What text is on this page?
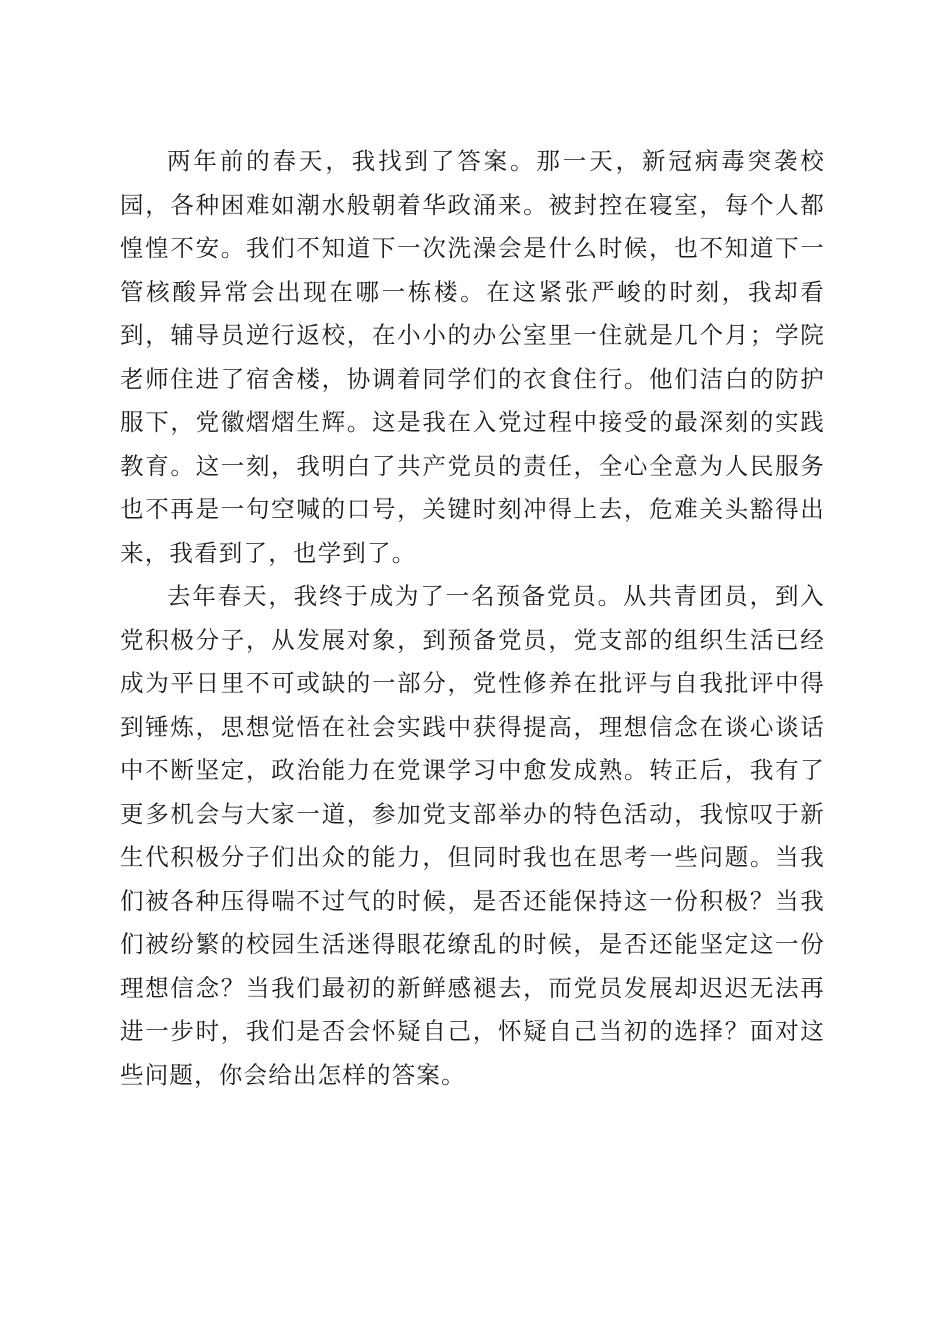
两年前的春天，我找到了答案。那一天，新冠病毒突袭校园，各种困难如潮水般朝着华政涌来。被封控在寝室，每个人都惶惶不安。我们不知道下一次洗澡会是什么时候，也不知道下一管核酸异常会出现在哪一栋楼。在这紧张严峻的时刻，我却看到，辅导员逆行返校，在小小的办公室里一住就是几个月；学院老师住进了宿舍楼，协调着同学们的衣食住行。他们洁白的防护服下，党徽熠熠生辉。这是我在入党过程中接受的最深刻的实践教育。这一刻，我明白了共产党员的责任，全心全意为人民服务也不再是一句空喊的口号，关键时刻冲得上去，危难关头豁得出来，我看到了，也学到了。

去年春天，我终于成为了一名预备党员。从共青团员，到入党积极分子，从发展对象，到预备党员，党支部的组织生活已经成为平日里不可或缺的一部分，党性修养在批评与自我批评中得到锤炼，思想觉悟在社会实践中获得提高，理想信念在谈心谈话中不断坚定，政治能力在党课学习中愈发成熟。转正后，我有了更多机会与大家一道，参加党支部举办的特色活动，我惊叹于新生代积极分子们出众的能力，但同时我也在思考一些问题。当我们被各种压得喘不过气的时候，是否还能保持这一份积极？当我们被纷繁的校园生活迷得眼花缭乱的时候，是否还能坚定这一份理想信念？当我们最初的新鲜感褪去，而党员发展却迟迟无法再进一步时，我们是否会怀疑自己，怀疑自己当初的选择？面对这些问题，你会给出怎样的答案。
